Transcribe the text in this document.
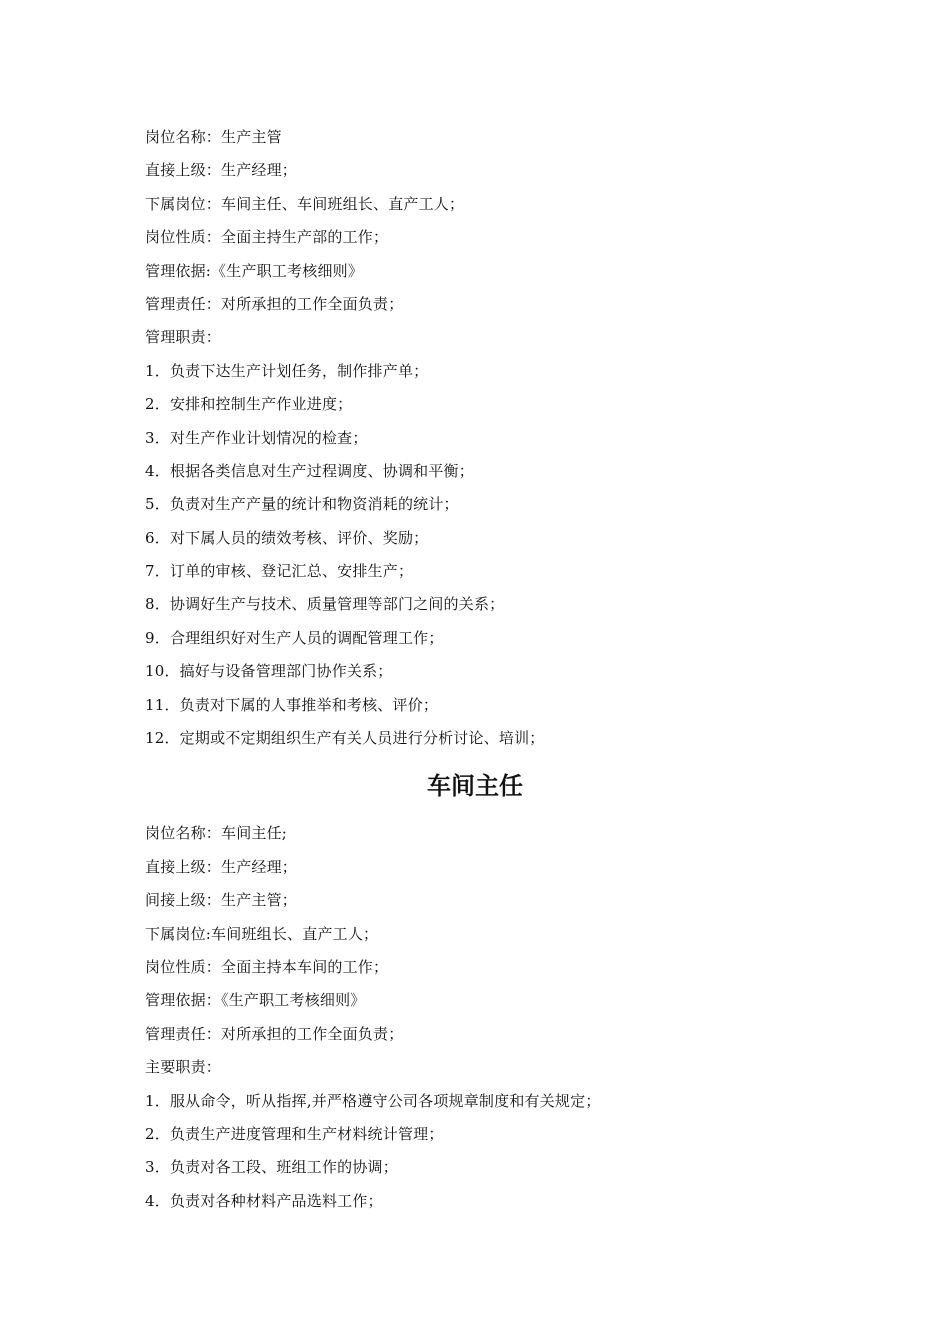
岗位名称：生产主管
直接上级：生产经理；
下属岗位：车间主任、车间班组长、直产工人；
岗位性质：全面主持生产部的工作；
管理依据:《生产职工考核细则》
管理责任：对所承担的工作全面负责；
管理职责：
1．负责下达生产计划任务，制作排产单；
2．安排和控制生产作业进度；
3．对生产作业计划情况的检查；
4．根据各类信息对生产过程调度、协调和平衡；
5．负责对生产产量的统计和物资消耗的统计；
6．对下属人员的绩效考核、评价、奖励；
7．订单的审核、登记汇总、安排生产；
8．协调好生产与技术、质量管理等部门之间的关系；
9．合理组织好对生产人员的调配管理工作；
10．搞好与设备管理部门协作关系；
11．负责对下属的人事推举和考核、评价；
12．定期或不定期组织生产有关人员进行分析讨论、培训；
车间主任
岗位名称：车间主任;
直接上级：生产经理；
间接上级：生产主管；
下属岗位:车间班组长、直产工人；
岗位性质：全面主持本车间的工作；
管理依据：《生产职工考核细则》
管理责任：对所承担的工作全面负责；
主要职责：
1．服从命令，听从指挥,并严格遵守公司各项规章制度和有关规定；
2．负责生产进度管理和生产材料统计管理；
3．负责对各工段、班组工作的协调；
4．负责对各种材料产品选料工作；
